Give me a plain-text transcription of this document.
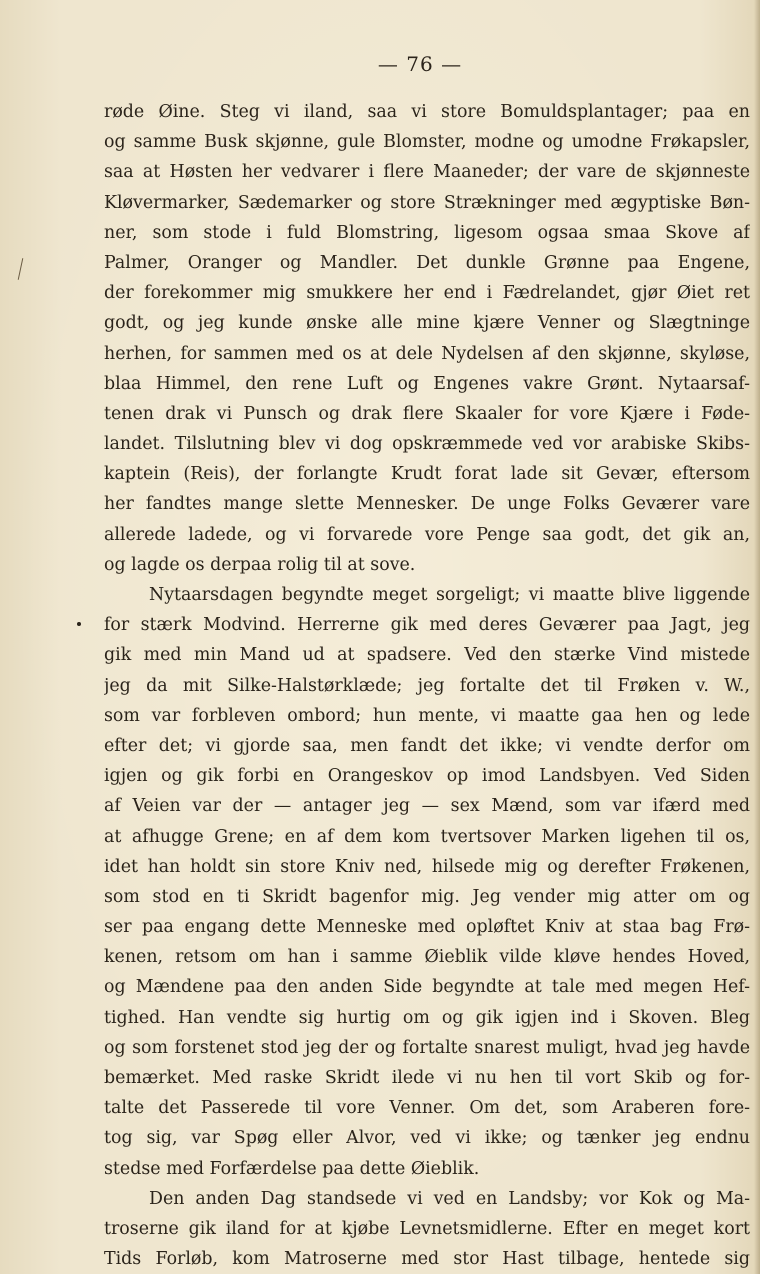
— 76 —
røde Øine. Steg vi iland, saa vi store Bomuldsplantager; paa en
og samme Busk skjønne, gule Blomster, modne og umodne Frøkapsler,
saa at Høsten her vedvarer i flere Maaneder; der vare de skjønneste
Kløvermarker, Sædemarker og store Strækninger med ægyptiske Bøn-
ner, som stode i fuld Blomstring, ligesom ogsaa smaa Skove af
Palmer, Oranger og Mandler. Det dunkle Grønne paa Engene,
der forekommer mig smukkere her end i Fædrelandet, gjør Øiet ret
godt, og jeg kunde ønske alle mine kjære Venner og Slægtninge
herhen, for sammen med os at dele Nydelsen af den skjønne, skyløse,
blaa Himmel, den rene Luft og Engenes vakre Grønt. Nytaarsaf-
tenen drak vi Punsch og drak flere Skaaler for vore Kjære i Føde-
landet. Tilslutning blev vi dog opskræmmede ved vor arabiske Skibs-
kaptein (Reis), der forlangte Krudt forat lade sit Gevær, eftersom
her fandtes mange slette Mennesker. De unge Folks Geværer vare
allerede ladede, og vi forvarede vore Penge saa godt, det gik an,
og lagde os derpaa rolig til at sove.
Nytaarsdagen begyndte meget sorgeligt; vi maatte blive liggende
for stærk Modvind. Herrerne gik med deres Geværer paa Jagt, jeg
gik med min Mand ud at spadsere. Ved den stærke Vind mistede
jeg da mit Silke-Halstørklæde; jeg fortalte det til Frøken v. W.,
som var forbleven ombord; hun mente, vi maatte gaa hen og lede
efter det; vi gjorde saa, men fandt det ikke; vi vendte derfor om
igjen og gik forbi en Orangeskov op imod Landsbyen. Ved Siden
af Veien var der — antager jeg — sex Mænd, som var ifærd med
at afhugge Grene; en af dem kom tvertsover Marken ligehen til os,
idet han holdt sin store Kniv ned, hilsede mig og derefter Frøkenen,
som stod en ti Skridt bagenfor mig. Jeg vender mig atter om og
ser paa engang dette Menneske med opløftet Kniv at staa bag Frø-
kenen, retsom om han i samme Øieblik vilde kløve hendes Hoved,
og Mændene paa den anden Side begyndte at tale med megen Hef-
tighed. Han vendte sig hurtig om og gik igjen ind i Skoven. Bleg
og som forstenet stod jeg der og fortalte snarest muligt, hvad jeg havde
bemærket. Med raske Skridt ilede vi nu hen til vort Skib og for-
talte det Passerede til vore Venner. Om det, som Araberen fore-
tog sig, var Spøg eller Alvor, ved vi ikke; og tænker jeg endnu
stedse med Forfærdelse paa dette Øieblik.
Den anden Dag standsede vi ved en Landsby; vor Kok og Ma-
troserne gik iland for at kjøbe Levnetsmidlerne. Efter en meget kort
Tids Forløb, kom Matroserne med stor Hast tilbage, hentede sig
